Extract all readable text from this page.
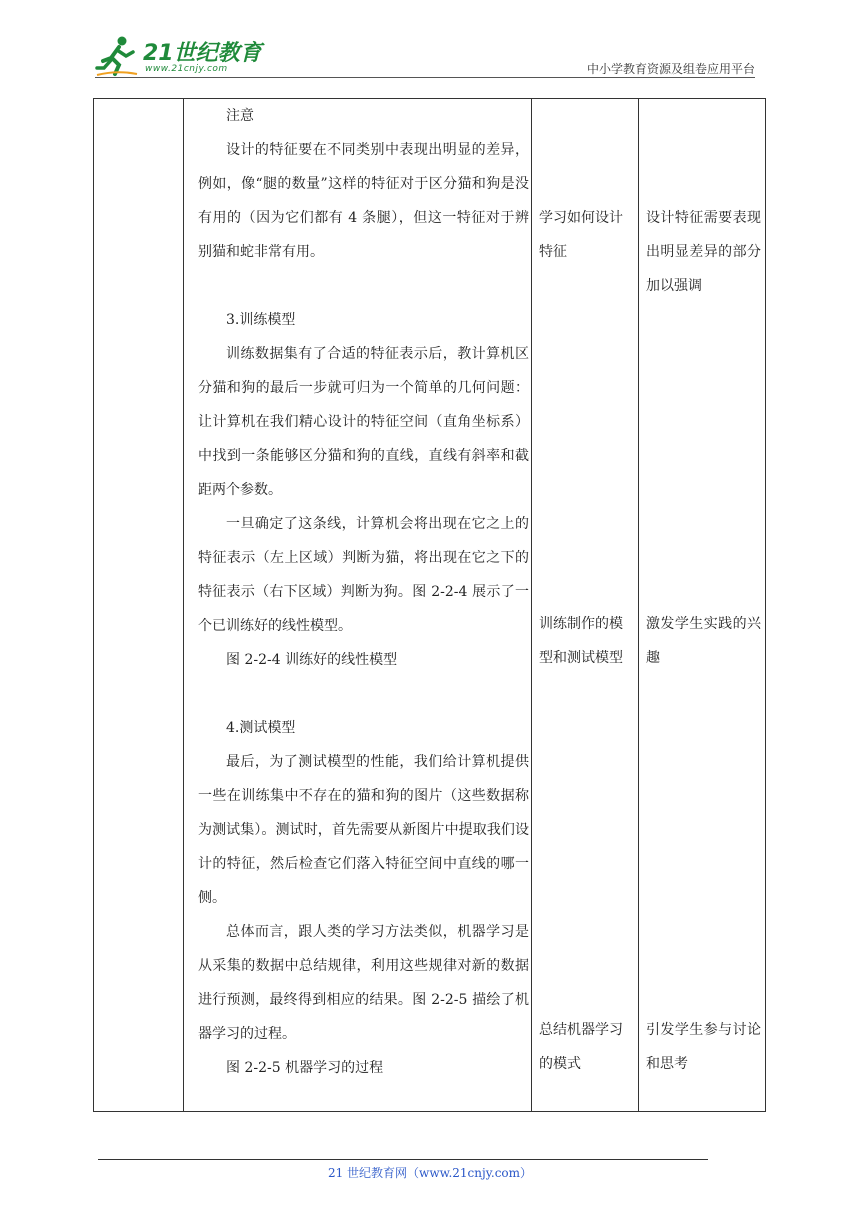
21世纪教育
www.21cnjy.com	中小学教育资源及组卷应用平台

注意

设计的特征要在不同类别中表现出明显的差异，例如，像“腿的数量”这样的特征对于区分猫和狗是没有用的（因为它们都有 4 条腿），但这一特征对于辨别猫和蛇非常有用。

3.训练模型

训练数据集有了合适的特征表示后，教计算机区分猫和狗的最后一步就可归为一个简单的几何问题：让计算机在我们精心设计的特征空间（直角坐标系）中找到一条能够区分猫和狗的直线，直线有斜率和截距两个参数。

一旦确定了这条线，计算机会将出现在它之上的特征表示（左上区域）判断为猫，将出现在它之下的特征表示（右下区域）判断为狗。图 2-2-4 展示了一个已训练好的线性模型。

图 2-2-4 训练好的线性模型

4.测试模型

最后，为了测试模型的性能，我们给计算机提供一些在训练集中不存在的猫和狗的图片（这些数据称为测试集）。测试时，首先需要从新图片中提取我们设计的特征，然后检查它们落入特征空间中直线的哪一侧。

总体而言，跟人类的学习方法类似，机器学习是从采集的数据中总结规律，利用这些规律对新的数据进行预测，最终得到相应的结果。图 2-2-5 描绘了机器学习的过程。

图 2-2-5 机器学习的过程

学习如何设计特征
训练制作的模型和测试模型
总结机器学习的模式
设计特征需要表现出明显差异的部分加以强调
激发学生实践的兴趣
引发学生参与讨论和思考
21 世纪教育网（www.21cnjy.com）
